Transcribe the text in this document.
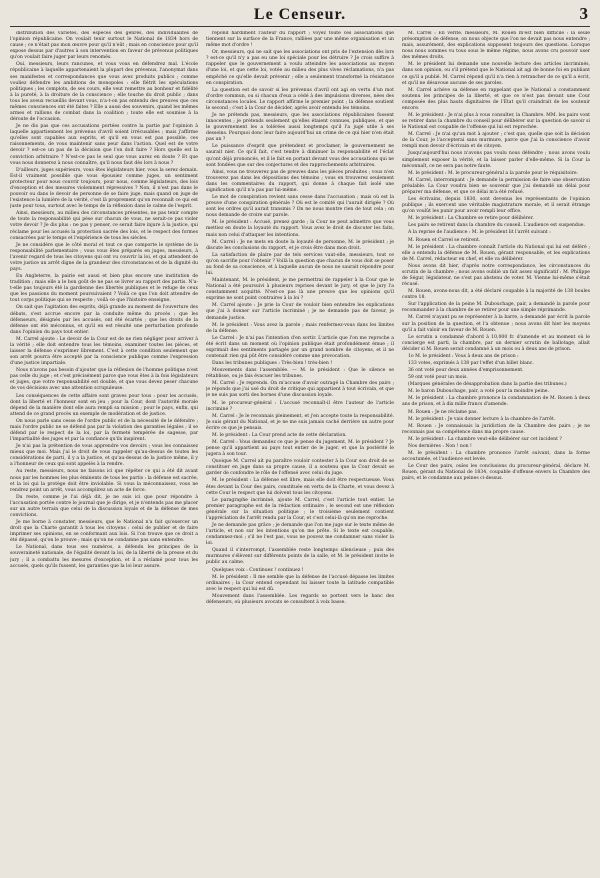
Le Censeur.	3

distribution des variétés, des espèces des genres, des individualités de l'opinion républicaine. On voulait tenir surtout le National de 1834 hors de cause ; ce n'était pas mon œuvre pour qu'il n'eût ; mais en conscience pour qu'il expose dessus par d'autres à son intervention en faveur de prévenus politiques qu'on voulait faire juger par leurs renomés.

Oui, messieurs, leurs rancunes, et vous vous en défendrez mal. L'école républicaine à laquelle appartenaient la plupart des prévenus, l'anonymat dans ses manifestes et correspondances que vous avez produits publics ; comme vouliez défendre les ambitions de monopoles : elle flétrit les spéculations politiques ; les complots, de ses cours, elle veut remettre au bonheur et fidélité à la pureté, à la droiture de la conscience ; elle touche du droit public ; dans tous les aveux recueillis devant vous, n'a-t-on pas entendu des preuves que ces mêmes consciences ont été faites ? Elle a aussi des souvenirs, quand les mêmes armes et rallions de combat dans la coalition ; toute elle est soumise à la déroute de l'occasion.

Je ne dis pas que ces accusations portées contre la partie par l'opinion à laquelle appartiennent les prévenus d'avril soient irrécusables ; mais j'affirme qu'elles sont capables aux esprits, et qu'il en vous est pas possible, ces raisonnements, de vous maintenir sans peur dans l'action. Quel est de votre devoir ? est-ce un pas de la décision que l'on doit faire ? Hors quelle est la conviction arbitraire ? N'est-ce pas le seul que vous aurez en doute ? Et que vous nous donnerez à nous connaître, qu'il nous faut dès lors à nous ?

D'ailleurs, juges supérieurs, vous êtes législateurs hier, vous la serez demain. Est-il vraiment possible que vous épousiez comme juges, un sentiment protecteur pour nous couvrir toujours, pour nous, comme législateurs, des lois d'exception et des mesures violemment répressives ? Non, il n'est pas dans le pouvoir ou dans le devoir de personne de se faire juge, mais quand on juge de l'existence la lumière de la vérité, c'est là proprement qu'on reconnaît ce qui est juste pour tous, surtout avec le temps de la réflexion dans le calme de l'esprit.

Ainsi, messieurs, au milieu des circonstances présentes, ne pas tenir compte de toute la responsabilité qui pèse sur chacun de vous, ne serait-ce pas violer votre devoir ? Je dis plus : ne pas y penser, ce serait faire injure à la justice, qui réclame pour les accusés la protection sacrée des lois, et le respect des formes consacrées par le temps et l'expérience de tous les siècles.

Je ne considère que le côté moral et tout ce que comporte le système de la responsabilité parlementaire ; vous vous êtes préparés en juges, messieurs, à l'avenir regard de tous les citoyens qui ont vu couvrir la loi, et qui attendent de votre justice un arrêt digne de la grandeur des circonstances et de la dignité du pays.

En Angleterre, la pairie est aussi et bien plus encore une institution de tradition ; mais elle a le bon goût de ne pas se livrer au rapport des partis. N'a-t-elle pas toujours été la gardienne des libertés publiques et le refuge de ceux que les passions du moment poursuivaient ? Voilà ce que l'on doit attendre de tout corps politique qui se respecte ; voilà ce que l'histoire enseigne.

On sait que l'agitation des esprits, déjà grande au moment de l'ouverture des débats, s'est accrue encore par la conduite même du procès ; que les défenseurs, désignés par les accusés, ont été écartés ; que les droits de la défense ont été méconnus, et qu'il en est résulté une perturbation profonde dans l'opinion du pays tout entier.

M. Carrel ajoute : Le devoir de la Cour est de ne rien négliger pour arriver à la vérité ; elle doit entendre tous les témoins, examiner toutes les pièces, et laisser la défense s'exprimer librement. C'est à cette condition seulement que son arrêt pourra être accepté par la conscience publique comme l'expression d'une justice impartiale.

Nous n'avons pas besoin d'ajouter que la réflexion de l'homme politique n'est pas celle du juge ; et c'est précisément parce que vous êtes à la fois législateurs et juges, que votre responsabilité est double, et que vous devez peser chacune de vos décisions avec une attention scrupuleuse.

Les conséquences de cette affaire sont graves pour tous : pour les accusés, dont la liberté et l'honneur sont en jeu ; pour la Cour, dont l'autorité morale dépend de la manière dont elle aura rempli sa mission ; pour le pays, enfin, qui attend de ce grand procès un exemple de modération et de justice.

On nous parle sans cesse de l'ordre public et de la nécessité de le défendre ; mais l'ordre public ne se défend pas par la violation des garanties légales ; il se défend par le respect de la loi, par la fermeté tempérée de sagesse, par l'impartialité des juges et par la confiance qu'ils inspirent.

Je n'ai pas la prétention de vous apprendre vos devoirs ; vous les connaissez mieux que moi. Mais j'ai le droit de vous rappeler qu'au-dessus de toutes les considérations de parti, il y a la justice, et qu'au-dessus de la justice même, il y a l'honneur de ceux qui sont appelés à la rendre.

Au reste, messieurs, nous ne faisons ici que répéter ce qui a été dit avant nous par les hommes les plus éminents de tous les partis : la défense est sacrée, et la loi qui la protège doit être inviolable. Si vous la méconnaissez, vous ne rendrez point un arrêt, vous accomplirez un acte de force.

Du reste, comme je l'ai déjà dit, je ne suis ici que pour répondre à l'accusation portée contre le journal que je dirige, et je n'entends pas me placer sur un autre terrain que celui de la discussion loyale et de la défense de mes convictions.

Je me borne à constater, messieurs, que le National n'a fait qu'exercer un droit que la Charte garantit à tous les citoyens : celui de publier et de faire imprimer ses opinions, en se conformant aux lois. Si l'on trouve que ce droit a été dépassé, qu'on le prouve ; mais qu'on ne condamne pas sans entendre.

Le National, dans tous ses numéros, a défendu les principes de la souveraineté nationale, de l'égalité devant la loi, de la liberté de la presse et du jury ; il a combattu les mesures d'exception, et il a réclamé pour tous les accusés, quels qu'ils fussent, les garanties que la loi leur assure.

répond hardiment l'auteur du rapport ; voyez toute ces associations que tiennent sur la surface de la France, rallièes par une même organisation et un même mot d'ordre !

Or, messieurs, qui ne sait que les associations ont pris de l'extension dès lors ? est-ce qu'il n'y a pas eu une loi spéciale pour les détruire ? Je crois suffire à rappeler que le gouvernement a voulu atteindre les associations au moyen d'une loi, et que cette loi, votée au milieu des plus vives réclamations, n'a pas empêché ce qu'elle devait prévenir ; elle a seulement transformé la résistance en conspiration.

La question est de savoir si les prévenus d'avril ont agi en vertu d'un mot d'ordre commun, ou si chacun d'eux a cédé à des impulsions diverses, nées des circonstances locales. Le rapport affirme le premier point ; la défense soutient le second ; c'est à la Cour de décider, après avoir entendu les témoins.

Je ne prétends pas, messieurs, que les associations républicaines fussent innocentes ; je prétends seulement qu'elles étaient connues, publiques, et que le gouvernement les a tolérées aussi longtemps qu'il l'a jugé utile à ses desseins. Pourquoi donc leur faire aujourd'hui un crime de ce qui hier n'en était pas un ?

Le puissance d'esprit que prétendent et proclamer, le gouvernement ne saurait nier. Ce qu'il fait, c'est tendre à diminuer la responsabilité et l'éclat qu'ont déjà prononcés, et il le fait en portant devant vous des accusations qui ne sont fondées que sur des conjectures et des rapprochements arbitraires.

Ainsi, vous ne trouverez pas de preuves dans les pièces produites ; vous n'en trouverez pas dans les dépositions des témoins ; vous en trouverez seulement dans les commentaires du rapport, qui donne à chaque fait isolé une signification qu'il n'a pas par lui-même.

Le mot de conspiration revient sans cesse dans l'accusation ; mais où est la preuve d'une conspiration générale ? Où est le comité qui l'aurait dirigée ? Où sont les ordres qu'il aurait transmis ? On ne nous montre rien de tout cela ; on nous demande de croire sur parole.

M. le président : Accusé, prenez garde ; la Cour ne peut admettre que vous mettiez en doute la loyauté du rapport. Vous avez le droit de discuter les faits, mais non celui d'attaquer les intentions.

M. Carrel : Je ne mets en doute la loyauté de personne, M. le président ; je discute les conclusions du rapport, et je crois être dans mon droit.

La satisfaction de plaire par de tels services vaut-elle, messieurs, tout ce qu'on sacrifie pour l'obtenir ? Voilà la question que chacun de vous doit se poser au fond de sa conscience, et à laquelle aucun de nous ne saurait répondre pour lui.

Maintenant, M. le président, je me permettrai de rappeler à la Cour que le National a été poursuivi à plusieurs reprises devant le jury, et que le jury l'a constamment acquitté. N'est-ce pas là une preuve que les opinions qu'il exprime ne sont point contraires à la loi ?

M. Carrel ajoute : Je prie la Cour de vouloir bien entendre les explications que j'ai à donner sur l'article incriminé ; je ne demande pas de faveur, je demande justice.

M. le président : Vous avez la parole ; mais renfermez-vous dans les limites de la défense.

Le Carrel : Je n'ai pas l'intention d'en sortir. L'article que l'on me reproche a été écrit dans un moment où l'opinion publique était profondément émue ; il exprimait des sentiments partagés par un grand nombre de citoyens, et il ne contenait rien qui pût être considéré comme une provocation.

Dans les tribunes publiques : Très-bien ! très-bien !

Mouvements dans l'assemblée. — M. le président : Que le silence se rétablisse, ou je fais évacuer les tribunes.

M. Carrel : Je reprends. On m'accuse d'avoir outragé la Chambre des pairs ; je réponds que j'ai usé du droit de critique qui appartient à tout écrivain, et que je ne suis pas sorti des bornes d'une discussion loyale.

M. le procureur-général : L'accusé reconnaît-il être l'auteur de l'article incriminé ?

M. Carrel : Je le reconnais pleinement, et j'en accepte toute la responsabilité. Je suis gérant du National, et je ne me suis jamais caché derrière un autre pour écrire ce que je pensais.

M. le président : La Cour prend acte de cette déclaration.

M. Carrel : Vous demandez ce que je pense du jugement, M. le président ? Je pense qu'il appartient au pays tout entier de le juger, et que la postérité le jugera à son tour.

Quoique M. Carrel ait pu paraître vouloir contester à la Cour son droit de se constituer en juge dans sa propre cause, il a soutenu que la Cour devait se garder de confondre le rôle de l'offensé avec celui du juge.

M. le président : La défense est libre, mais elle doit être respectueuse. Vous êtes devant la Cour des pairs, constituée en vertu de la Charte, et vous devez à cette Cour le respect que lui doivent tous les citoyens.

Le paragraphe incriminé, ajoute M. Carrel, c'est l'article tout entier. Le premier paragraphe est de la rédaction ordinaire ; le second est une réflexion générale sur la situation politique ; le troisième seulement contient l'appréciation de l'arrêt rendu par la Cour, et c'est celui-là qu'on me reproche.

Je ne demande pas grâce ; je demande que l'on me juge sur le texte même de l'article, et non sur les intentions qu'on me prête. Si le texte est coupable, condamnez-moi ; s'il ne l'est pas, vous ne pouvez me condamner sans violer la loi.

Quand il s'interrompt, l'assemblée reste longtemps silencieuse ; puis des murmures s'élèvent sur différents points de la salle, et M. le président invite le public au calme.

Quelques voix : Continuez ! continuez !

M. le président : Il me semble que la défense de l'accusé dépasse les limites ordinaires ; la Cour entend cependant lui laisser toute la latitude compatible avec le respect qui lui est dû.

Mouvement dans l'assemblée. Les regards se portent vers le banc des défenseurs, où plusieurs avocats se consultent à voix basse.

M. Carrel : En vérité, messieurs, M. Rouen m'est bien difficile : la seule présomption de défense, on nous objecte que l'on ne devait pas nous entendre ; mais, assurément, des explications supposent toujours des questions. Lorsque nous nous sommes vu tous sous le même régime, nous avons cru pouvoir user des mêmes droits.

M. le président lui demande une nouvelle lecture des articles incriminés, dans son opinion, ou s'il prétend que le National ait agi de bonne foi en publiant ce qu'il a publié. M. Carrel répond qu'il n'a rien à retrancher de ce qu'il a écrit, et qu'il ne désavoue aucune de ses paroles.

M. Carrel achève sa défense en rappelant que le National a constamment soutenu les principes de la liberté, et que ce n'est pas devant une Cour composée des plus hauts dignitaires de l'État qu'il craindrait de les soutenir encore.

M. le président : Je n'ai plus à vous consulter, la Chambre. MM. les pairs vont se retirer dans la chambre du conseil pour délibérer sur la question de savoir si le National est coupable de l'offense qui lui est reprochée.

M. Carrel : Je n'ai qu'un mot à ajouter ; c'est que, quelle que soit la décision de la Cour, je l'accepterai sans murmure, parce que j'ai la conscience d'avoir rempli mon devoir d'écrivain et de citoyen.

Jusqu'aujourd'hui nous n'avons pas voulu nous défendre ; nous avons voulu simplement exposer la vérité, et la laisser parler d'elle-même. Si la Cour la méconnaît, ce ne sera pas notre faute.

M. le président : M. le procureur-général a la parole pour le réquisitoire.

M. Carrel, interrompant : Je demande la permission de faire une observation préalable. La Cour voudra bien se souvenir que j'ai demandé un délai pour préparer ma défense, et que ce délai m'a été refusé.

Les écrivains, depuis 1830, sont devenus les représentants de l'opinion publique ; ils exercent une véritable magistrature morale, et il serait étrange qu'on voulût les punir pour avoir rempli leur office.

M. le président : La Chambre se retire pour délibérer.

Les pairs se retirent dans la chambre du conseil. L'audience est suspendue.

A la reprise de l'audience : M. le président lit l'arrêt suivant :

M. Rouen et Carrel se retirent.

M. le président : La chambre connaît l'article du National qui lui est déféré ; elle a entendu la défense de M. Rouen, gérant responsable, et les explications de M. Carrel, rédacteur en chef, et elle va délibérer.

Nous avons dit hier, d'après notre correspondance, les circonstances du scrutin de la chambre ; nous avons oublié un fait assez significatif : M. Philippe de Ségur, législateur, ne s'est pas abstenu de voter. M. Vienne lui-même s'était récusé.

M. Rouen, avons-nous dit, a été déclaré coupable à la majorité de 138 boules contre 18.

Sur l'application de la peine M. Dubouchage, pair, a demandé la parole pour recommander à la chambre de se retirer pour une simple réprimande.

M. Carrel n'ayant pu se représenter à la barre, a demandé par écrit la parole sur la position de la question, et l'a obtenue ; nous avons dit hier les moyens qu'il a fait valoir en faveur de M. Rouen.

Le scrutin a condamné d'abord à 10,000 fr. d'amende et au moment où le concierge est parti, la chambre, par un dernier scrutin de ballotage, allait décider si M. Rouen serait condamné à un mois ou à deux ans de prison.

1o M. le président : Vous à deux ans de prison :

133 votes, exprimés à 138 par l'effet d'un billet blanc.

36 ont voté pour deux années d'emprisonnement.

59 ont voté pour un mois.

(Marques générales de désapprobation dans la partie des tribunes.)

M. le baron Dubouchage, pair, a voté pour la moindre peine.

M. le président : La chambre prononce la condamnation de M. Rouen à deux ans de prison, et à dix mille francs d'amende.

M. Rouen : Je ne réclame pas.

M. le président : Je vais donner lecture à la chambre de l'arrêt.

M. Rouen : Je connaissais la juridiction de la Chambre des pairs ; je ne reconnais pas sa compétence dans ma propre cause.

M. le président : La chambre veut-elle délibérer sur cet incident ?

Nos dernières : Non ! non !

M. le président : La chambre prononce l'arrêt suivant, dans la forme accoutumée, et l'audience est levée.

Le Cour des pairs, ouïes les conclusions du procureur-général, déclare M. Rouen, gérant du National de 1834, coupable d'offense envers la Chambre des pairs, et le condamne aux peines ci-dessus.
